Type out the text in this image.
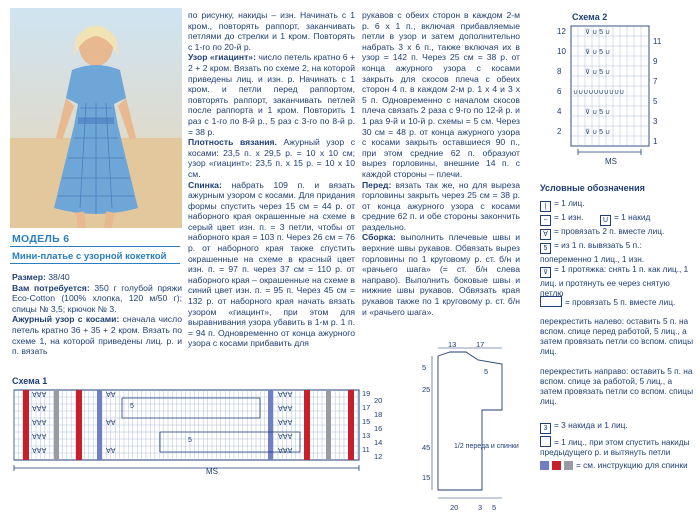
МОДЕЛЬ 6
Мини-платье с узорной кокеткой

Размер: 38/40

Вам потребуется: 350 г голубой пряжи Eco-Cotton (100% хлопка, 120 м/50 г); спицы № 3,5; крючок № 3.

Ажурный узор с косами: сначала число петель кратно 36 + 35 + 2 кром. Вязать по схеме 1, на которой приведены лиц. р. и п. вязать

по рисунку, накиды – изн. Начинать с 1 кром., повторять раппорт, заканчивать петлями до стрелки и 1 кром. Повторять с 1-го по 20-й р.

Узор «гиацинт»: число петель кратно 6 + 2 + 2 кром. Вязать по схеме 2, на которой приведены лиц. и изн. р. Начинать с 1 кром. и петли перед раппортом, повторять раппорт, заканчивать петлей после раппорта и 1 кром. Повторить 1 раз с 1-го по 8-й р., 5 раз с 3-го по 8-й р. = 38 р.

Плотность вязания. Ажурный узор с косами: 23,5 п. x 29,5 р. = 10 x 10 см; узор «гиацинт»: 23,5 п. x 15 р. = 10 x 10 см.

Спинка: набрать 109 п. и вязать ажурным узором с косами. Для придания формы спустить через 15 см = 44 р. от наборного края окрашенные на схеме в серый цвет изн. п. = 3 петли, чтобы от наборного края = 103 п. Через 26 см = 76 р. от наборного края также спустить окрашенные на схеме в красный цвет изн. п. = 97 п. через 37 см = 110 р. от наборного края – окрашенные на схеме в синий цвет изн. п. = 95 п. Через 45 см = 132 р. от наборного края начать вязать узором «гиацинт», при этом для выравнивания узора убавить в 1-м р. 1 п. = 94 п. Одновременно от конца ажурного узора с косами прибавить для

рукавов с обеих сторон в каждом 2-м р. 6 x 1 п., включая прибавляемые петли в узор и затем дополнительно набрать 3 x 6 п., также включая их в узор = 142 п. Через 25 см = 38 р. от конца ажурного узора с косами закрыть для скосов плеча с обеих сторон 4 п. в каждом 2-м р. 1 x 4 и 3 x 5 п. Одновременно с началом скосов плеча связать 2 раза с 9-го по 12-й р. и 1 раз 9-й и 10-й р. схемы = 5 см. Через 30 см = 48 р. от конца ажурного узора с косами закрыть оставшиеся 90 п., при этом средние 62 п. образуют вырез горловины, внешние 14 п. с каждой стороны – плечи.

Перед: вязать так же, но для выреза горловины закрыть через 25 см = 38 р. от конца ажурного узора с косами средние 62 п. и обе стороны закончить раздельно.

Сборка: выполнить плечевые швы и верхние швы рукавов. Обвязать вырез горловины по 1 круговому р. ст. б/н и «рачьего шага» (= ст. б/н слева направо). Выполнить боковые швы и нижние швы рукавов. Обвязать края рукавов также по 1 круговому р. ст. б/н и «рачьего шага».

Схема 1
5
5
∀∀∀
∀∀∀
∀∀∀
∀∀∀
∀∀∀
∀∀
∀∀
∀∀
∀∀∀
∀∀∀
∀∀∀
∀∀∀
∀∀∀
19
17
15
13
11
20
18
16
14
12
MS
13	17
5
25
45
15
5
20	3 5
1/2 переда и спинки
Схема 2
⊽ ∪ 5 ∪
⊽ ∪ 5 ∪
⊽ ∪ 5 ∪
∪∪∪∪∪∪∪∪∪∪
⊽ ∪ 5 ∪
⊽ ∪ 5 ∪
12
10
8
6
4
2
11
9
7
5
3
1
MS
Условные обозначения
| = 1 лиц.
− = 1 изн.	U = 1 накид
∀ = провязать 2 п. вместе лиц.
5 = из 1 п. вывязать 5 п.: попеременно 1 лиц., 1 изн.
⊽ = 1 протяжка: снять 1 п. как лиц., 1 лиц. и протянуть ее через снятую петлю
= провязать 5 п. вместе лиц.
перекрестить налево: оставить 5 п. на вспом. спице перед работой, 5 лиц., а затем провязать петли со вспом. спицы лиц.
перекрестить направо: оставить 5 п. на вспом. спице за работой, 5 лиц., а затем провязать петли со вспом. спицы лиц.
3 = 3 накида и 1 лиц.
= 1 лиц., при этом спустить накиды предыдущего р. и вытянуть петли
= см. инструкцию для спинки
